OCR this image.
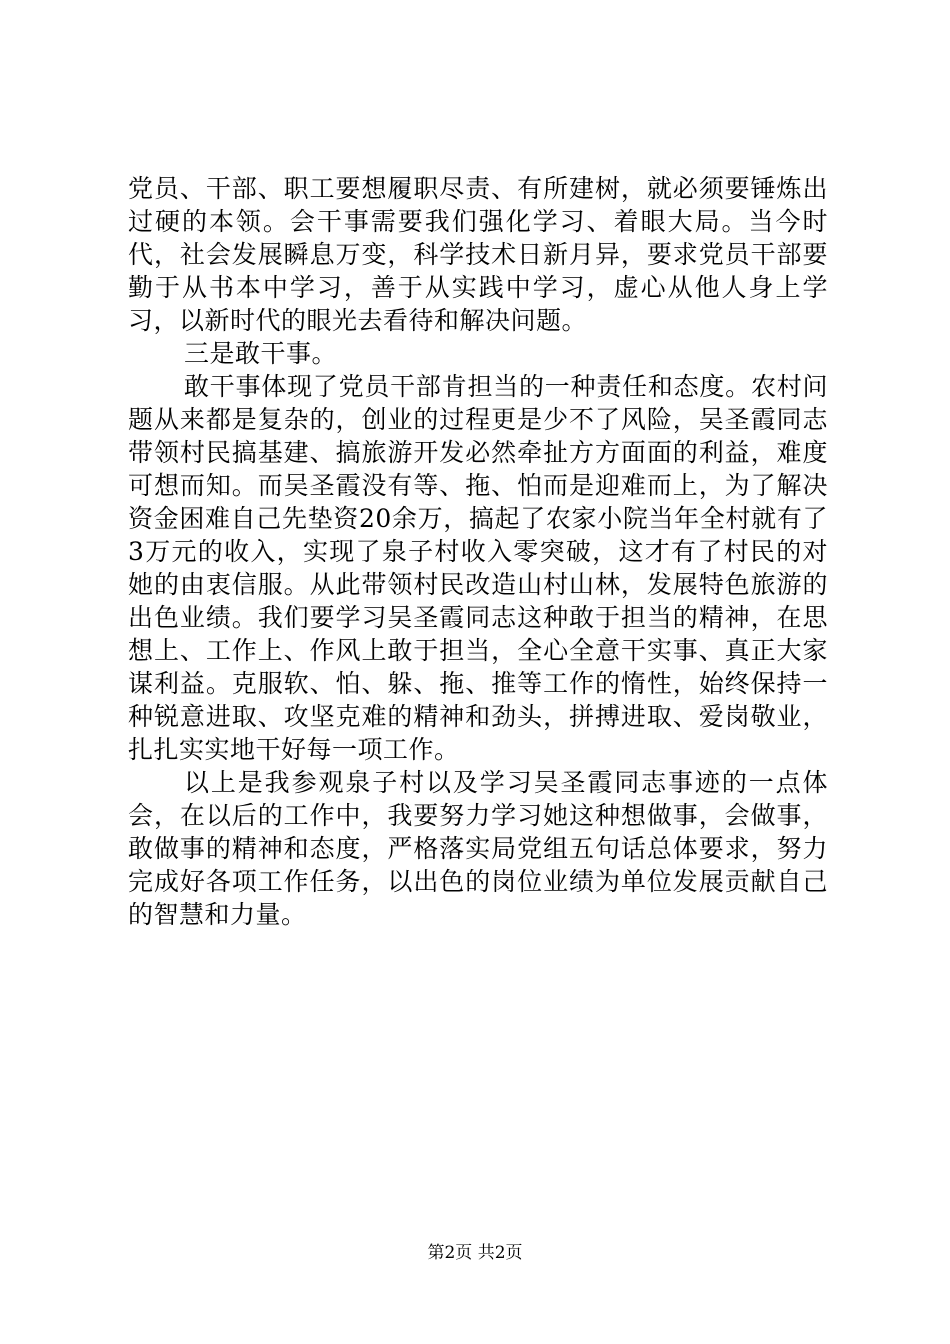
党员、干部、职工要想履职尽责、有所建树，就必须要锤炼出过硬的本领。会干事需要我们强化学习、着眼大局。当今时代，社会发展瞬息万变，科学技术日新月异，要求党员干部要勤于从书本中学习，善于从实践中学习，虚心从他人身上学习，以新时代的眼光去看待和解决问题。

三是敢干事。

敢干事体现了党员干部肯担当的一种责任和态度。农村问题从来都是复杂的，创业的过程更是少不了风险，吴圣霞同志带领村民搞基建、搞旅游开发必然牵扯方方面面的利益，难度可想而知。而吴圣霞没有等、拖、怕而是迎难而上，为了解决资金困难自己先垫资20余万，搞起了农家小院当年全村就有了3万元的收入，实现了泉子村收入零突破，这才有了村民的对她的由衷信服。从此带领村民改造山村山林，发展特色旅游的出色业绩。我们要学习吴圣霞同志这种敢于担当的精神，在思想上、工作上、作风上敢于担当，全心全意干实事、真正大家谋利益。克服软、怕、躲、拖、推等工作的惰性，始终保持一种锐意进取、攻坚克难的精神和劲头，拼搏进取、爱岗敬业，扎扎实实地干好每一项工作。

以上是我参观泉子村以及学习吴圣霞同志事迹的一点体会，在以后的工作中，我要努力学习她这种想做事，会做事，敢做事的精神和态度，严格落实局党组五句话总体要求，努力完成好各项工作任务，以出色的岗位业绩为单位发展贡献自己的智慧和力量。

第2页 共2页
